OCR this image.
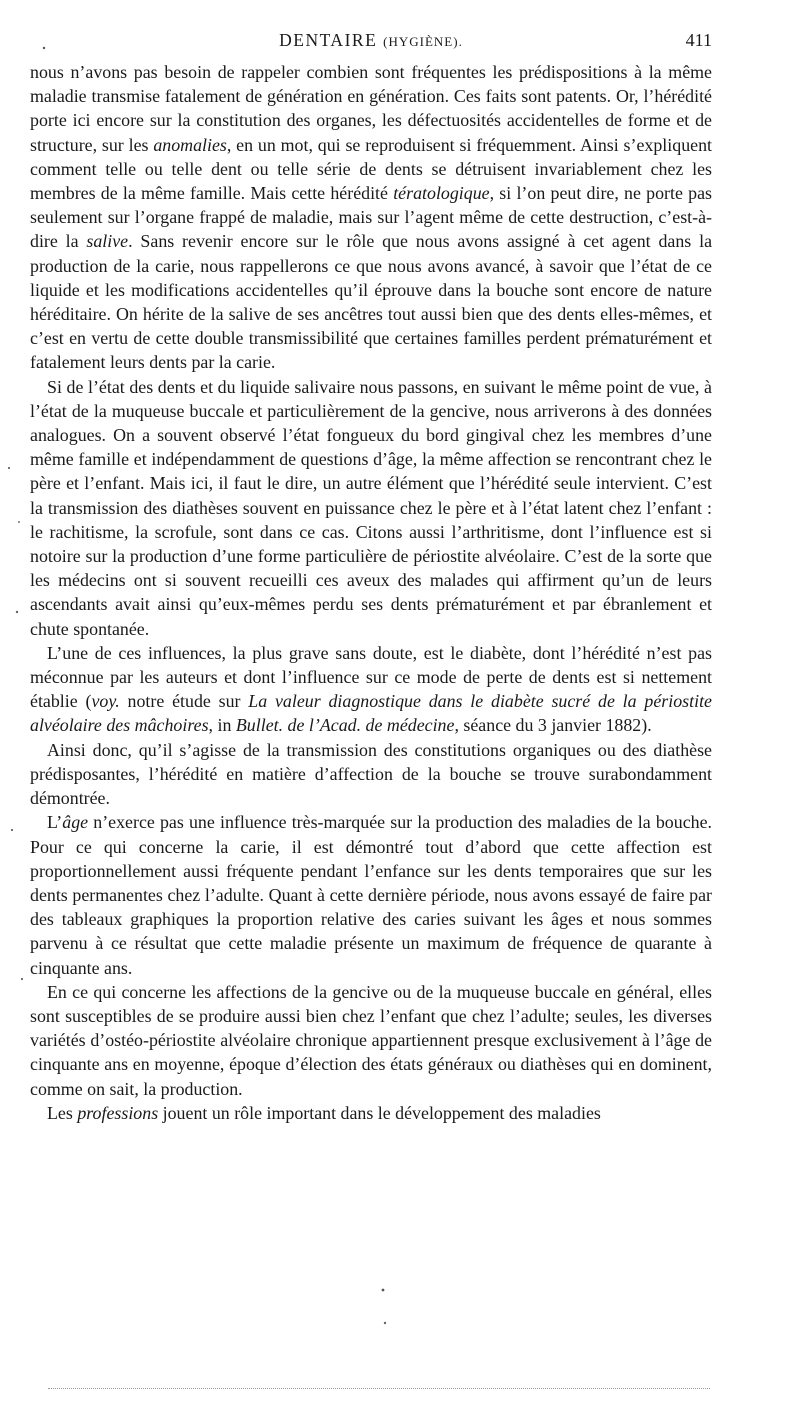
DENTAIRE (HYGIÈNE).	411

nous n’avons pas besoin de rappeler combien sont fréquentes les prédispositions à la même maladie transmise fatalement de génération en génération. Ces faits sont patents. Or, l’hérédité porte ici encore sur la constitution des organes, les défectuosités accidentelles de forme et de structure, sur les anomalies, en un mot, qui se reproduisent si fréquemment. Ainsi s’expliquent comment telle ou telle dent ou telle série de dents se détruisent invariablement chez les membres de la même famille. Mais cette hérédité tératologique, si l’on peut dire, ne porte pas seulement sur l’organe frappé de maladie, mais sur l’agent même de cette destruction, c’est-à-dire la salive. Sans revenir encore sur le rôle que nous avons assigné à cet agent dans la production de la carie, nous rappellerons ce que nous avons avancé, à savoir que l’état de ce liquide et les modifications accidentelles qu’il éprouve dans la bouche sont encore de nature héréditaire. On hérite de la salive de ses ancêtres tout aussi bien que des dents elles-mêmes, et c’est en vertu de cette double transmissibilité que certaines familles perdent prématurément et fatalement leurs dents par la carie.

Si de l’état des dents et du liquide salivaire nous passons, en suivant le même point de vue, à l’état de la muqueuse buccale et particulièrement de la gencive, nous arriverons à des données analogues. On a souvent observé l’état fongueux du bord gingival chez les membres d’une même famille et indépendamment de questions d’âge, la même affection se rencontrant chez le père et l’enfant. Mais ici, il faut le dire, un autre élément que l’hérédité seule intervient. C’est la transmission des diathèses souvent en puissance chez le père et à l’état latent chez l’enfant : le rachitisme, la scrofule, sont dans ce cas. Citons aussi l’arthritisme, dont l’influence est si notoire sur la production d’une forme particulière de périostite alvéolaire. C’est de la sorte que les médecins ont si souvent recueilli ces aveux des malades qui affirment qu’un de leurs ascendants avait ainsi qu’eux-mêmes perdu ses dents prématurément et par ébranlement et chute spontanée.

L’une de ces influences, la plus grave sans doute, est le diabète, dont l’hérédité n’est pas méconnue par les auteurs et dont l’influence sur ce mode de perte de dents est si nettement établie (voy. notre étude sur La valeur diagnostique dans le diabète sucré de la périostite alvéolaire des mâchoires, in Bullet. de l’Acad. de médecine, séance du 3 janvier 1882).

Ainsi donc, qu’il s’agisse de la transmission des constitutions organiques ou des diathèse prédisposantes, l’hérédité en matière d’affection de la bouche se trouve surabondamment démontrée.

L’âge n’exerce pas une influence très-marquée sur la production des maladies de la bouche. Pour ce qui concerne la carie, il est démontré tout d’abord que cette affection est proportionnellement aussi fréquente pendant l’enfance sur les dents temporaires que sur les dents permanentes chez l’adulte. Quant à cette dernière période, nous avons essayé de faire par des tableaux graphiques la proportion relative des caries suivant les âges et nous sommes parvenu à ce résultat que cette maladie présente un maximum de fréquence de quarante à cinquante ans.

En ce qui concerne les affections de la gencive ou de la muqueuse buccale en général, elles sont susceptibles de se produire aussi bien chez l’enfant que chez l’adulte; seules, les diverses variétés d’ostéo-périostite alvéolaire chronique appartiennent presque exclusivement à l’âge de cinquante ans en moyenne, époque d’élection des états généraux ou diathèses qui en dominent, comme on sait, la production.

Les professions jouent un rôle important dans le développement des maladies
